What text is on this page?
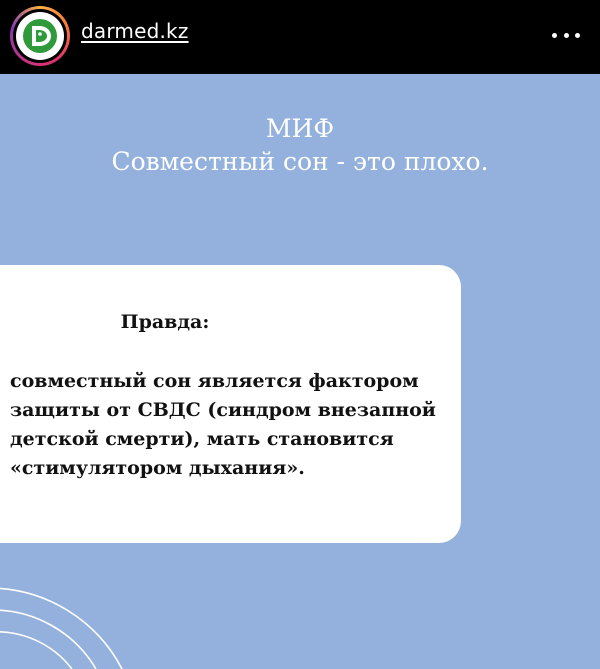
darmed.kz
МИФ
Совместный сон - это плохо.
Правда:
совместный сон является фактором защиты от СВДС (синдром внезапной детской смерти), мать становится «стимулятором дыхания».
